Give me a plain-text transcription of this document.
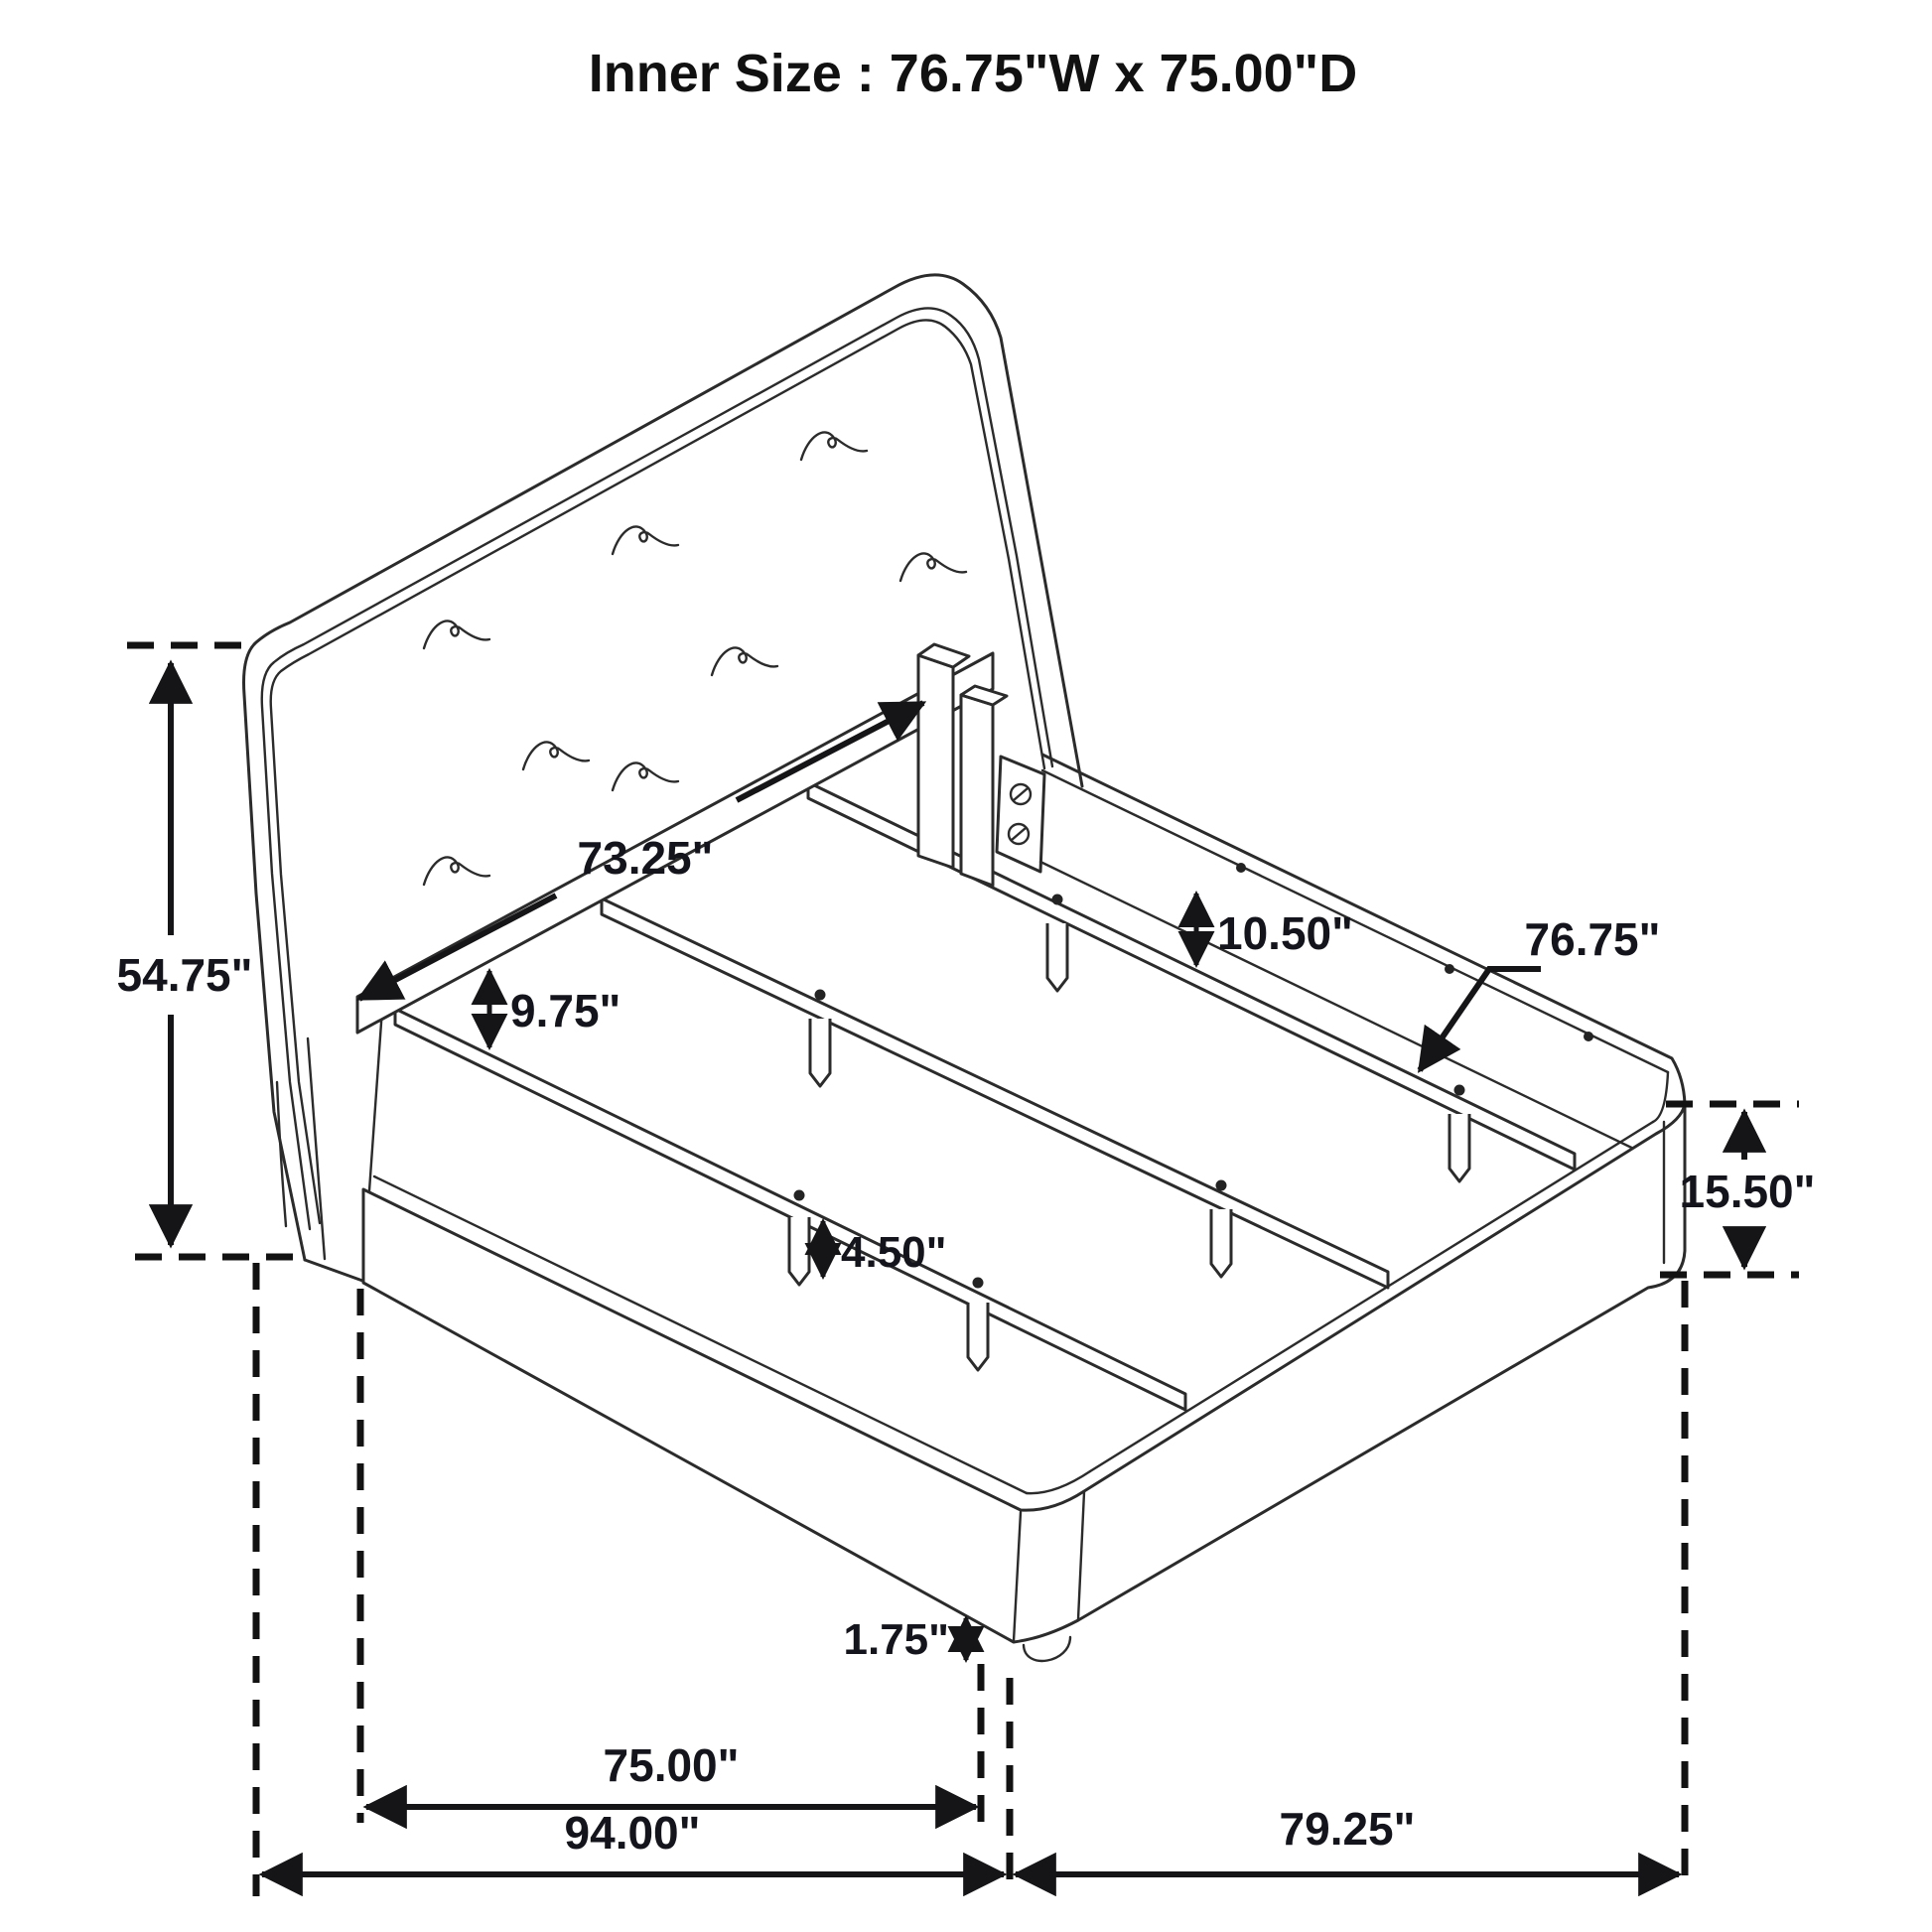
54.75"
73.25"
9.75"
10.50"	76.75"
15.50"
4.50"
1.75"
75.00"
94.00"	79.25"
Inner Size : 76.75"W x 75.00"D
